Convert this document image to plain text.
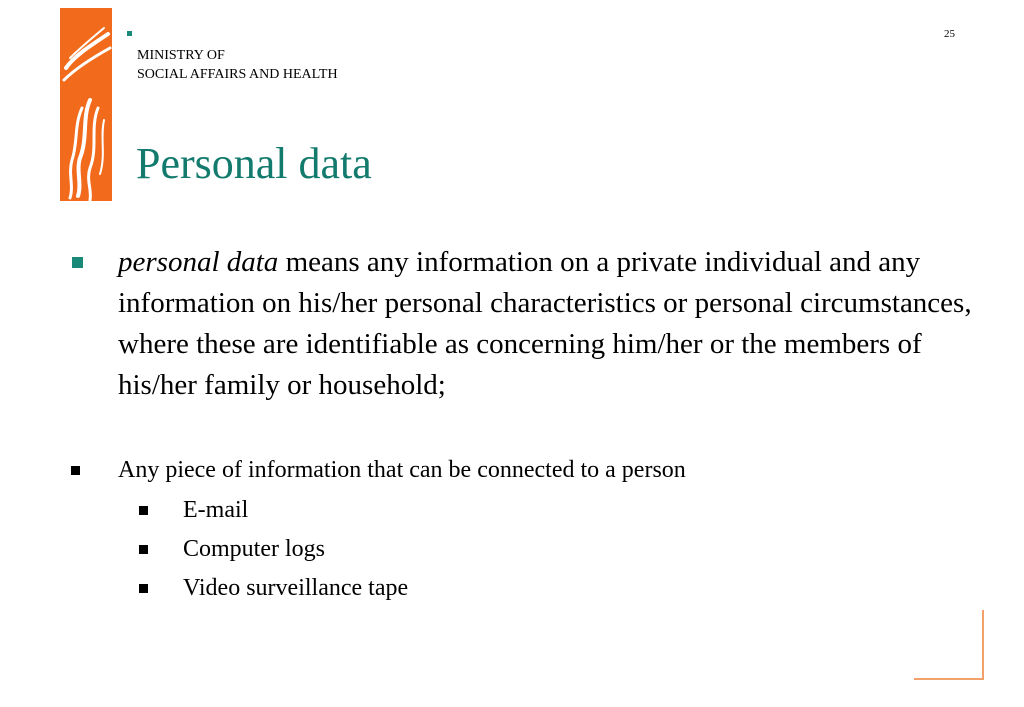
MINISTRY OF
SOCIAL AFFAIRS AND HEALTH
25
Personal data

personal data means any information on a private individual and any information on his/her personal characteristics or personal circumstances, where these are identifiable as concerning him/her or the members of his/her family or household;

Any piece of information that can be connected to a person
E-mail
Computer logs
Video surveillance tape
